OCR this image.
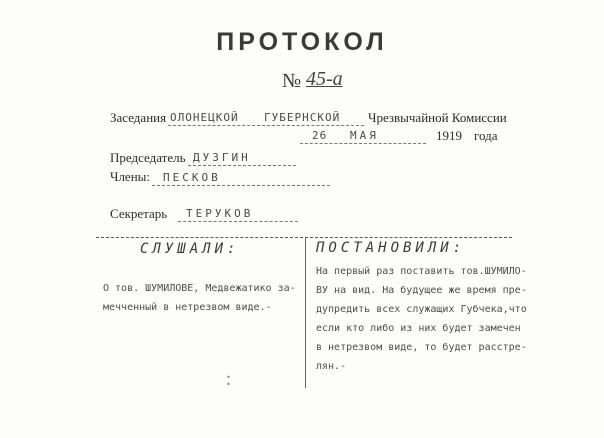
ПРОТОКОЛ
№ 45-а
Заседания ОЛОНЕЦКОЙ ГУБЕРНСКОЙ Чрезвычайной Комиссии
26 МАЯ	1919 года
Председатель ДУЗГИН
Члены: ПЕСКОВ
Секретарь ТЕРУКОВ
СЛУШАЛИ:	ПОСТАНОВИЛИ:
О тов. ШУМИЛОВЕ, Медвежатико за-
мечченный в нетрезвом виде.-
На первый раз поставить тов.ШУМИЛО-
ВУ на вид. На будущее же время пре-
дупредить всех служащих Губчека,что
если кто либо из них будет замечен
в нетрезвом виде, то будет расстре-
лян.-
•
•
